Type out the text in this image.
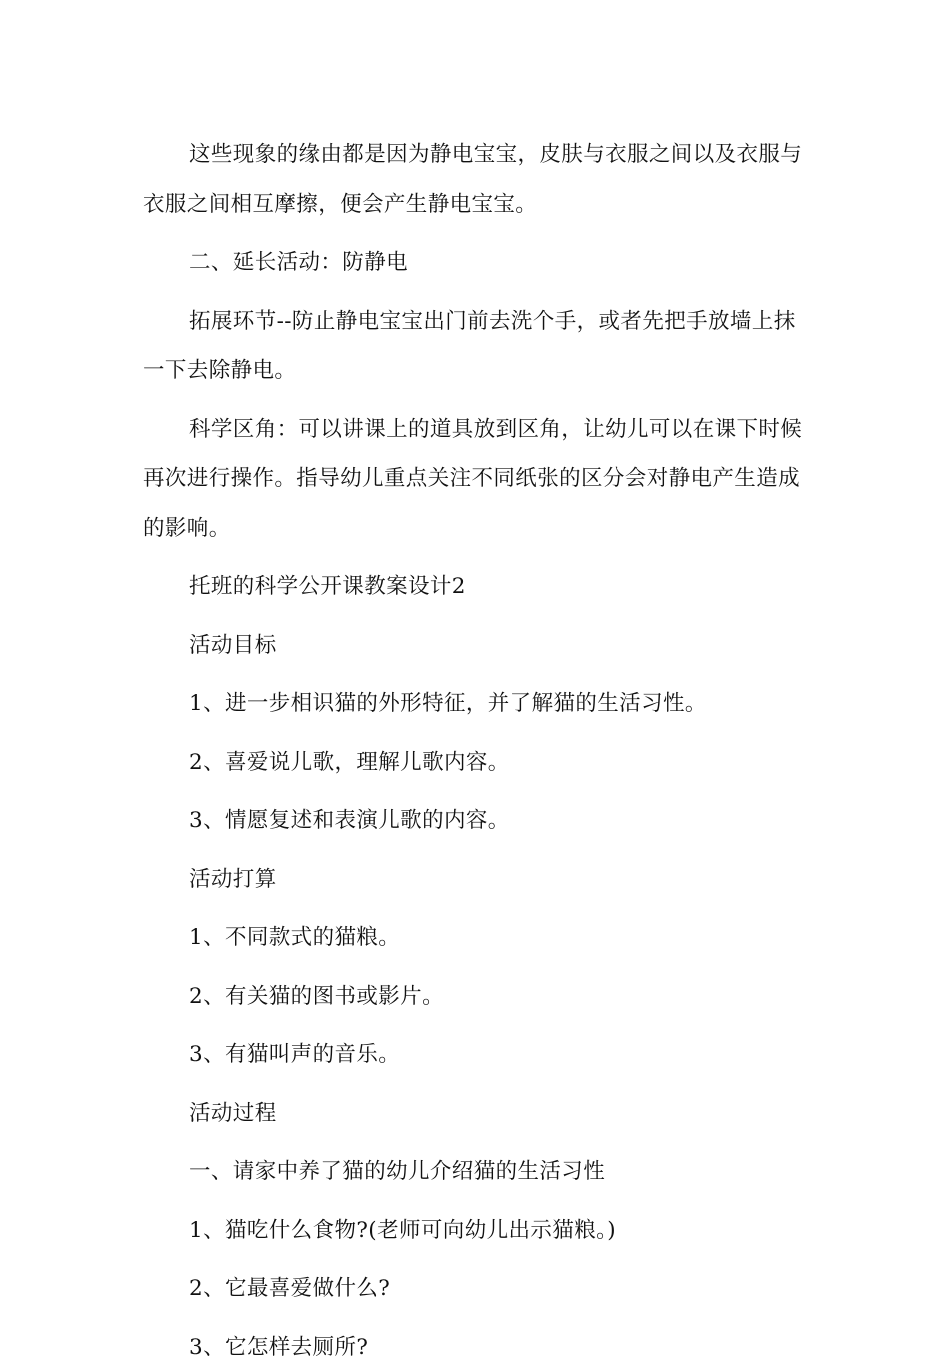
这些现象的缘由都是因为静电宝宝，皮肤与衣服之间以及衣服与衣服之间相互摩擦，便会产生静电宝宝。

二、延长活动：防静电

拓展环节--防止静电宝宝出门前去洗个手，或者先把手放墙上抹一下去除静电。

科学区角：可以讲课上的道具放到区角，让幼儿可以在课下时候再次进行操作。指导幼儿重点关注不同纸张的区分会对静电产生造成的影响。

托班的科学公开课教案设计2

活动目标

1、进一步相识猫的外形特征，并了解猫的生活习性。

2、喜爱说儿歌，理解儿歌内容。

3、情愿复述和表演儿歌的内容。

活动打算

1、不同款式的猫粮。

2、有关猫的图书或影片。

3、有猫叫声的音乐。

活动过程

一、请家中养了猫的幼儿介绍猫的生活习性

1、猫吃什么食物?(老师可向幼儿出示猫粮。)

2、它最喜爱做什么?

3、它怎样去厕所?
